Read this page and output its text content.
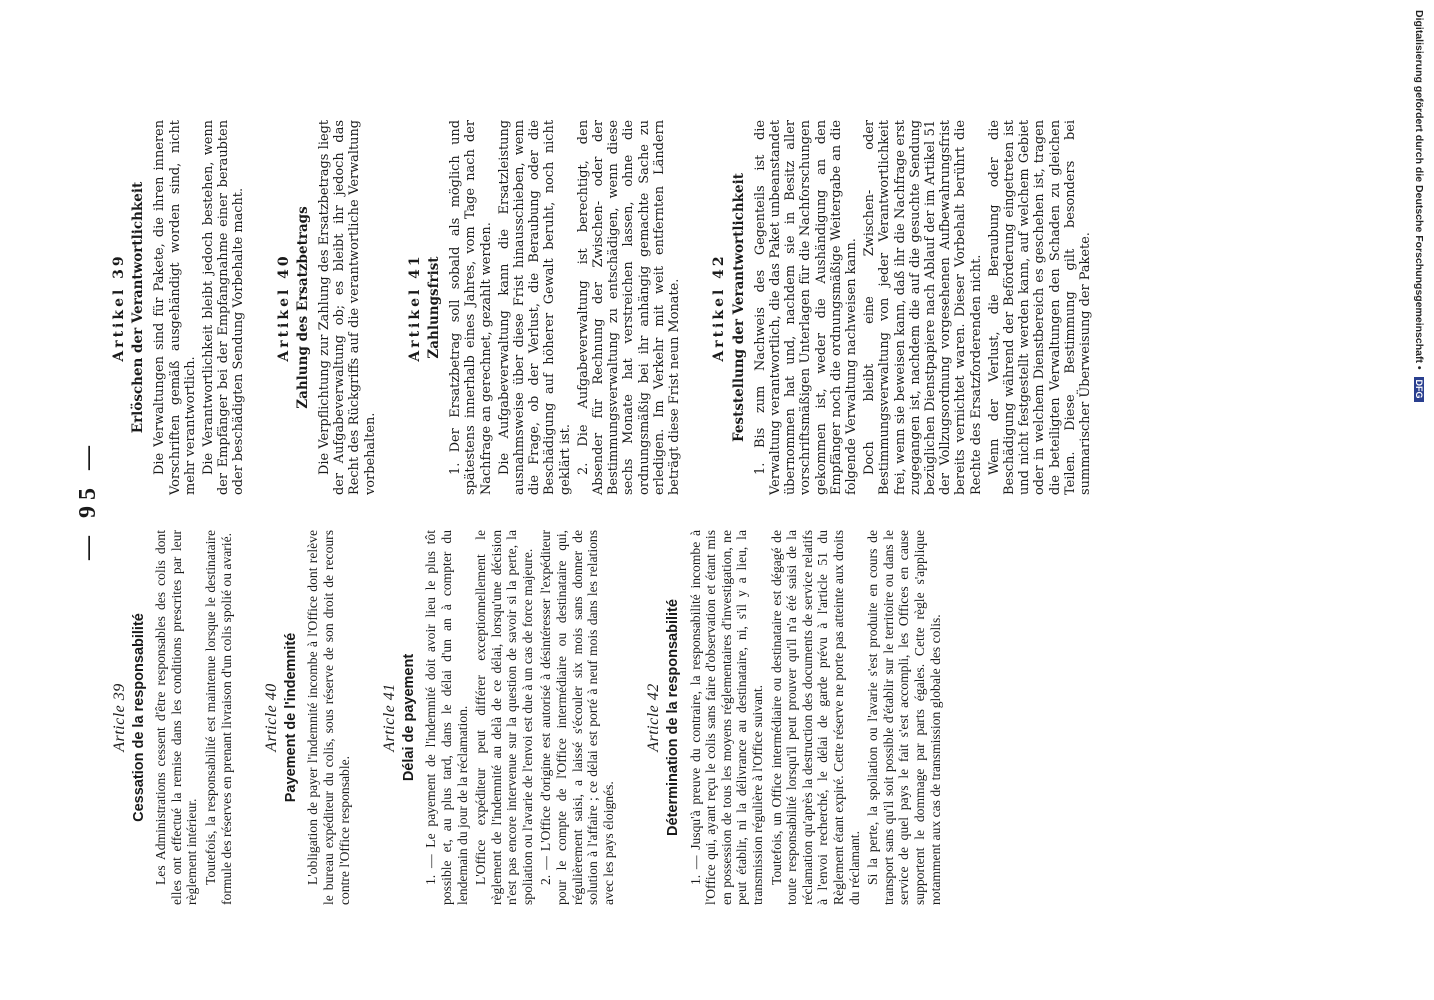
— 95 —
Article 39 Cessation de la responsabilité Les Administrations cessent d'être responsables des colis dont elles ont effectué la remise dans les conditions prescrites par leur règlement intérieur. Toutefois, la responsabilité est maintenue lorsque le destinataire formule des réserves en prenant livraison d'un colis spolié ou avarié. Article 40 Payement de l'indemnité L'obligation de payer l'indemnité incombe à l'Office dont relève le bureau expéditeur du colis, sous réserve de son droit de recours contre l'Office responsable.

Article 41 Délai de payement 1. — Le payement de l'indemnité doit avoir lieu le plus tôt possible et, au plus tard, dans le délai d'un an à compter du lendemain du jour de la réclamation. L'Office expéditeur peut différer exceptionnellement le règlement de l'indemnité au delà de ce délai, lorsqu'une décision n'est pas encore intervenue sur la question de savoir si la perte, la spoliation ou l'avarie de l'envoi est due à un cas de force majeure. 2. — L'Office d'origine est autorisé à désintéresser l'expéditeur pour le compte de l'Office intermédiaire ou destinataire qui, régulièrement saisi, a laissé s'écouler six mois sans donner de solution à l'affaire ; ce délai est porté à neuf mois dans les relations avec les pays éloignés.

Article 42 Détermination de la responsabilité 1. — Jusqu'à preuve du contraire, la responsabilité incombe à l'Office qui, ayant reçu le colis sans faire d'observation et étant mis en possession de tous les moyens réglementaires d'investigation, ne peut établir, ni la délivrance au destinataire, ni, s'il y a lieu, la transmission régulière à l'Office suivant. Toutefois, un Office intermédiaire ou destinataire est dégagé de toute responsabilité lorsqu'il peut prouver qu'il n'a été saisi de la réclamation qu'après la destruction des documents de service relatifs à l'envoi recherché, le délai de garde prévu à l'article 51 du Règlement étant expiré. Cette réserve ne porte pas atteinte aux droits du réclamant. Si la perte, la spoliation ou l'avarie s'est produite en cours de transport sans qu'il soit possible d'établir sur le territoire ou dans le service de quel pays le fait s'est accompli, les Offices en cause supportent le dommage par parts égales. Cette règle s'applique notamment aux cas de transmission globale des colis.

Artikel 39 Erlöschen der Verantwortlichkeit Die Verwaltungen sind für Pakete, die ihren inneren Vorschriften gemäß ausgehändigt worden sind, nicht mehr verantwortlich. Die Verantwortlichkeit bleibt jedoch bestehen, wenn der Empfänger bei der Empfangnahme einer beraubten oder beschädigten Sendung Vorbehalte macht. Artikel 40 Zahlung des Ersatzbetrags Die Verpflichtung zur Zahlung des Ersatzbetrags liegt der Aufgabeverwaltung ob; es bleibt ihr jedoch das Recht des Rückgriffs auf die verantwortliche Verwaltung vorbehalten.

Artikel 41 Zahlungsfrist 1. Der Ersatzbetrag soll sobald als möglich und spätestens innerhalb eines Jahres, vom Tage nach der Nachfrage an gerechnet, gezahlt werden. Die Aufgabeverwaltung kann die Ersatzleistung ausnahmsweise über diese Frist hinausschieben, wenn die Frage, ob der Verlust, die Beraubung oder die Beschädigung auf höherer Gewalt beruht, noch nicht geklärt ist. 2. Die Aufgabeverwaltung ist berechtigt, den Absender für Rechnung der Zwischen- oder der Bestimmungsverwaltung zu entschädigen, wenn diese sechs Monate hat verstreichen lassen, ohne die ordnungsmäßig bei ihr anhängig gemachte Sache zu erledigen. Im Verkehr mit weit entfernten Ländern beträgt diese Frist neun Monate. Artikel 42 Feststellung der Verantwortlichkeit 1. Bis zum Nachweis des Gegenteils ist die Verwaltung verantwortlich, die das Paket unbeanstandet übernommen hat und, nachdem sie in Besitz aller vorschriftsmäßigen Unterlagen für die Nachforschungen gekommen ist, weder die Aushändigung an den Empfänger noch die ordnungsmäßige Weitergabe an die folgende Verwaltung nachweisen kann. Doch bleibt eine Zwischen- oder Bestimmungsverwaltung von jeder Verantwortlichkeit frei, wenn sie beweisen kann, daß ihr die Nachfrage erst zugegangen ist, nachdem die auf die gesuchte Sendung bezüglichen Dienstpapiere nach Ablauf der im Artikel 51 der Vollzugsordnung vorgesehenen Aufbewahrungsfrist bereits vernichtet waren. Dieser Vorbehalt berührt die Rechte des Ersatzforderenden nicht. Wenn der Verlust, die Beraubung oder die Beschädigung während der Beförderung eingetreten ist und nicht festgestellt werden kann, auf welchem Gebiet oder in welchem Dienstbereich es geschehen ist, tragen die beteiligten Verwaltungen den Schaden zu gleichen Teilen. Diese Bestimmung gilt besonders bei summarischer Überweisung der Pakete.	Digitalisierung gefördert durch die Deutsche Forschungsgemeinschaft • DFG
